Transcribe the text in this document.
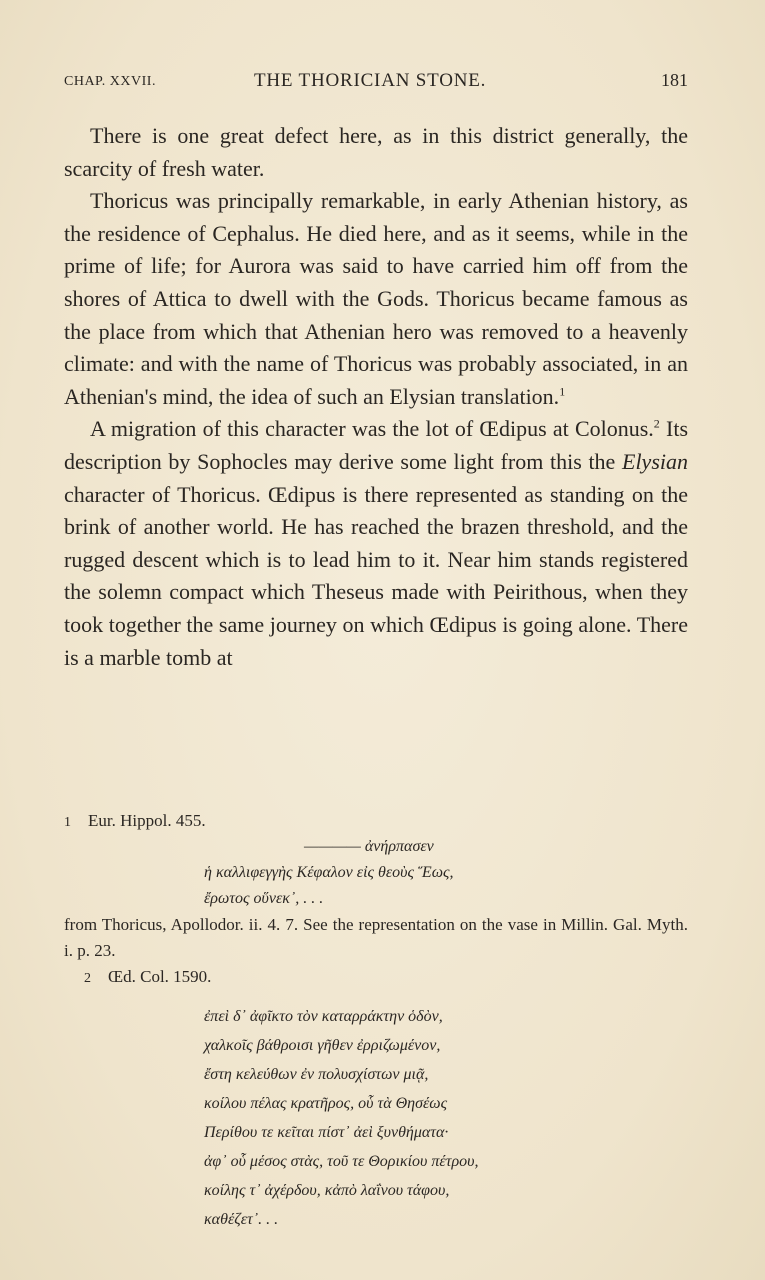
CHAP. XXVII.	THE THORICIAN STONE.	181

There is one great defect here, as in this district generally, the scarcity of fresh water.

Thoricus was principally remarkable, in early Athenian history, as the residence of Cephalus. He died here, and as it seems, while in the prime of life; for Aurora was said to have carried him off from the shores of Attica to dwell with the Gods. Thoricus became famous as the place from which that Athenian hero was removed to a heavenly climate: and with the name of Thoricus was probably associated, in an Athenian's mind, the idea of such an Elysian translation.$^1$

A migration of this character was the lot of Œdipus at Colonus.$^2$ Its description by Sophocles may derive some light from this the Elysian character of Thoricus. Œdipus is there represented as standing on the brink of another world. He has reached the brazen threshold, and the rugged descent which is to lead him to it. Near him stands registered the solemn compact which Theseus made with Peirithous, when they took together the same journey on which Œdipus is going alone. There is a marble tomb at

1 Eur. Hippol. 455.
———— ἀνήρπασεν
ἡ καλλιφεγγὴς Κέφαλον εἰς θεοὺς Ἕως,
ἔρωτος οὕνεκ᾽, . . .
from Thoricus, Apollodor. ii. 4. 7. See the representation on the vase in Millin. Gal. Myth. i. p. 23.
2 Œd. Col. 1590.
ἐπεὶ δ᾽ ἀφῖκτο τὸν καταρράκτην ὁδὸν,
χαλκοῖς βάθροισι γῆθεν ἐρριζωμένον,
ἔστη κελεύθων ἐν πολυσχίστων μιᾷ,
κοίλου πέλας κρατῆρος, οὗ τὰ Θησέως
Περίθου τε κεῖται πίστ᾽ ἀεὶ ξυνθήματα·
ἀφ᾽ οὗ μέσος στὰς, τοῦ τε Θορικίου πέτρου,
κοίλης τ᾽ ἀχέρδου, κἀπὸ λαΐνου τάφου,
καθέζετ᾽. . .
